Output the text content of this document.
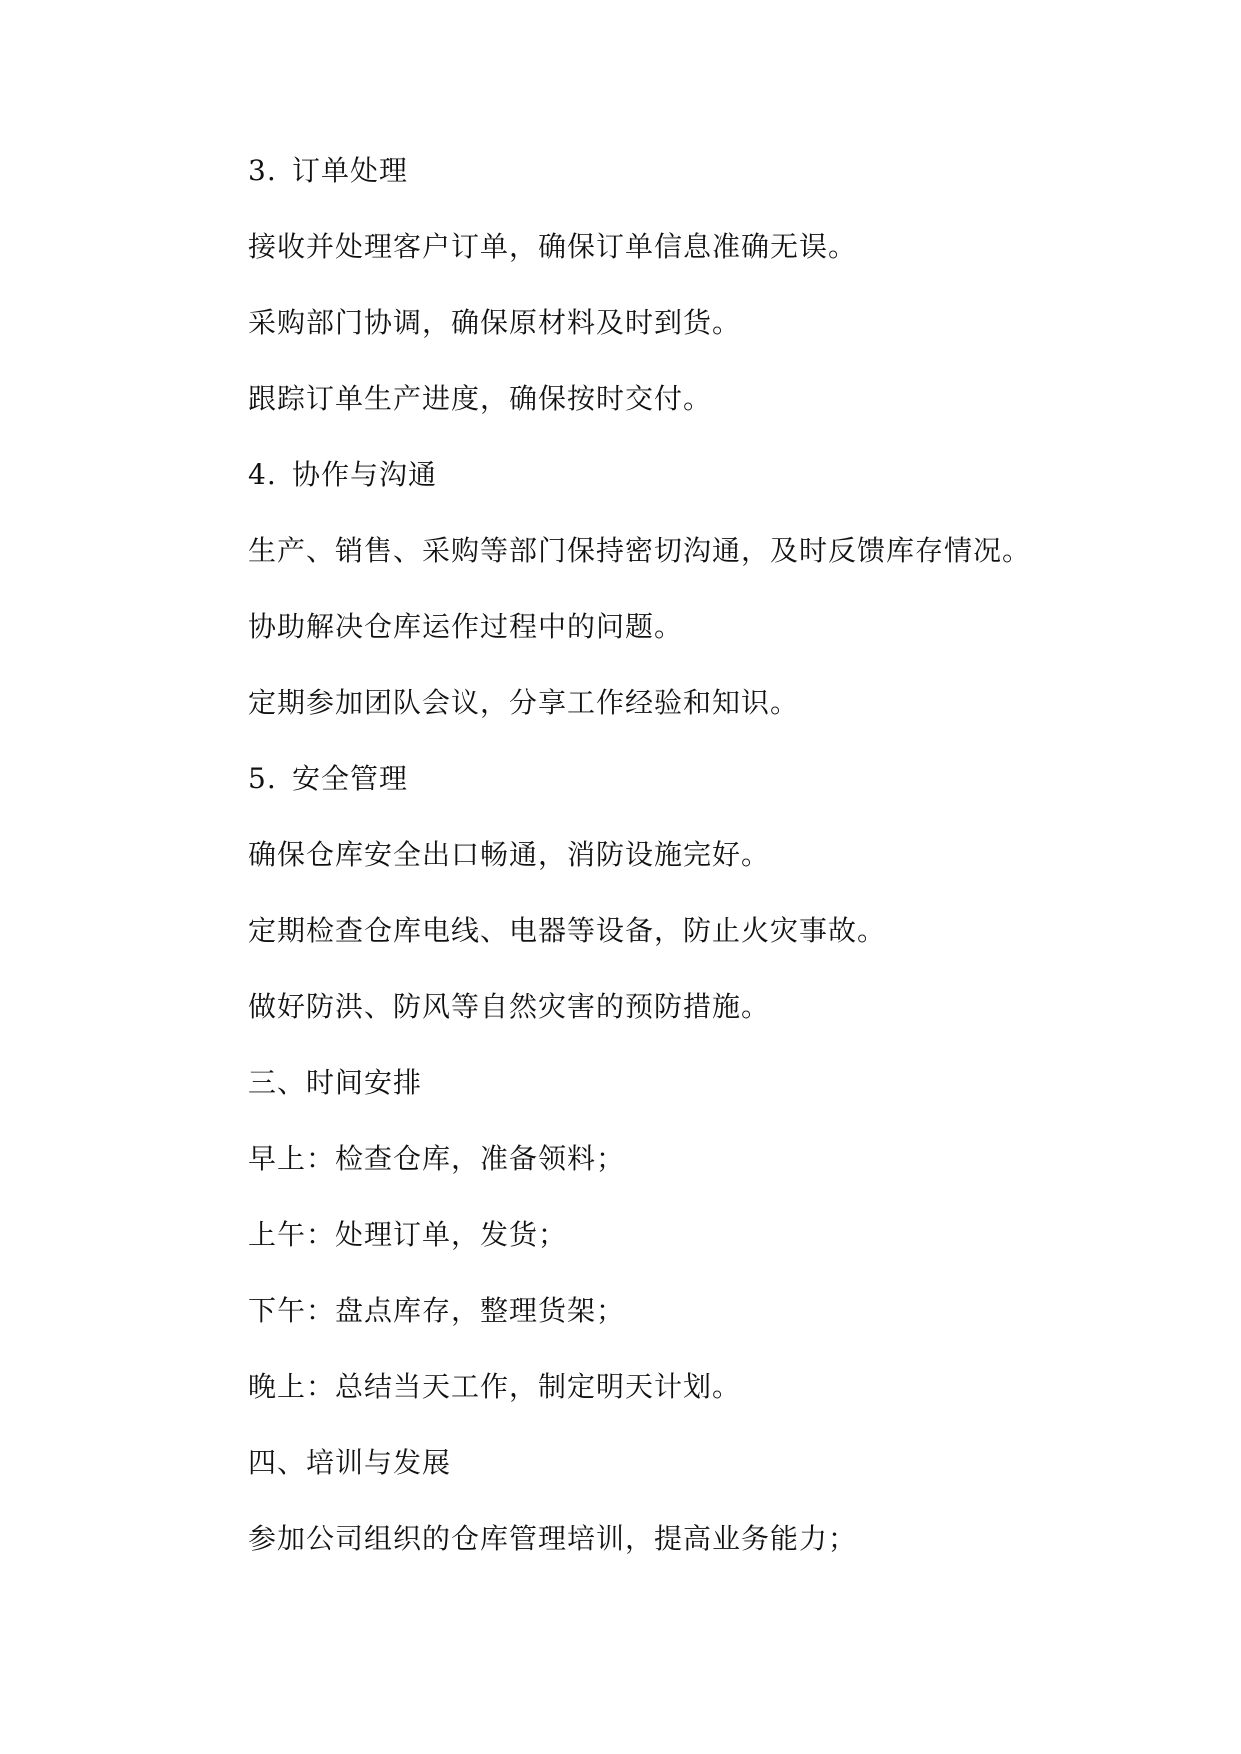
3. 订单处理
接收并处理客户订单，确保订单信息准确无误。
采购部门协调，确保原材料及时到货。
跟踪订单生产进度，确保按时交付。
4. 协作与沟通
生产、销售、采购等部门保持密切沟通，及时反馈库存情况。
协助解决仓库运作过程中的问题。
定期参加团队会议，分享工作经验和知识。
5. 安全管理
确保仓库安全出口畅通，消防设施完好。
定期检查仓库电线、电器等设备，防止火灾事故。
做好防洪、防风等自然灾害的预防措施。
三、时间安排
早上：检查仓库，准备领料；
上午：处理订单，发货；
下午：盘点库存，整理货架；
晚上：总结当天工作，制定明天计划。
四、培训与发展
参加公司组织的仓库管理培训，提高业务能力；
